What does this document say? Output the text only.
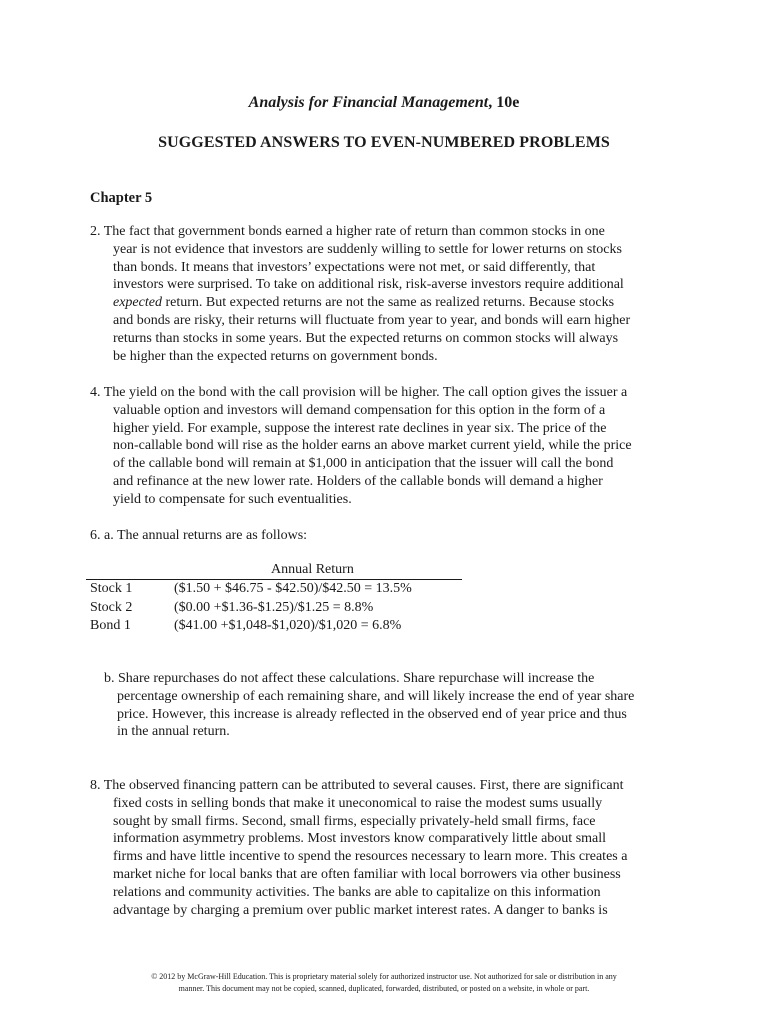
Analysis for Financial Management, 10e
SUGGESTED ANSWERS TO EVEN-NUMBERED PROBLEMS
Chapter 5
2. The fact that government bonds earned a higher rate of return than common stocks in one
year is not evidence that investors are suddenly willing to settle for lower returns on stocks
than bonds. It means that investors’ expectations were not met, or said differently, that
investors were surprised. To take on additional risk, risk-averse investors require additional
expected return. But expected returns are not the same as realized returns. Because stocks
and bonds are risky, their returns will fluctuate from year to year, and bonds will earn higher
returns than stocks in some years. But the expected returns on common stocks will always
be higher than the expected returns on government bonds.
4. The yield on the bond with the call provision will be higher. The call option gives the issuer a
valuable option and investors will demand compensation for this option in the form of a
higher yield. For example, suppose the interest rate declines in year six. The price of the
non-callable bond will rise as the holder earns an above market current yield, while the price
of the callable bond will remain at $1,000 in anticipation that the issuer will call the bond
and refinance at the new lower rate. Holders of the callable bonds will demand a higher
yield to compensate for such eventualities.
6. a. The annual returns are as follows:
Annual Return
Stock 1	($1.50 + $46.75 - $42.50)/$42.50 = 13.5%
Stock 2	($0.00 +$1.36-$1.25)/$1.25 = 8.8%
Bond 1	($41.00 +$1,048-$1,020)/$1,020 = 6.8%
b. Share repurchases do not affect these calculations. Share repurchase will increase the
percentage ownership of each remaining share, and will likely increase the end of year share
price. However, this increase is already reflected in the observed end of year price and thus
in the annual return.
8. The observed financing pattern can be attributed to several causes. First, there are significant
fixed costs in selling bonds that make it uneconomical to raise the modest sums usually
sought by small firms. Second, small firms, especially privately-held small firms, face
information asymmetry problems. Most investors know comparatively little about small
firms and have little incentive to spend the resources necessary to learn more. This creates a
market niche for local banks that are often familiar with local borrowers via other business
relations and community activities. The banks are able to capitalize on this information
advantage by charging a premium over public market interest rates. A danger to banks is
© 2012 by McGraw-Hill Education. This is proprietary material solely for authorized instructor use. Not authorized for sale or distribution in any
manner. This document may not be copied, scanned, duplicated, forwarded, distributed, or posted on a website, in whole or part.
